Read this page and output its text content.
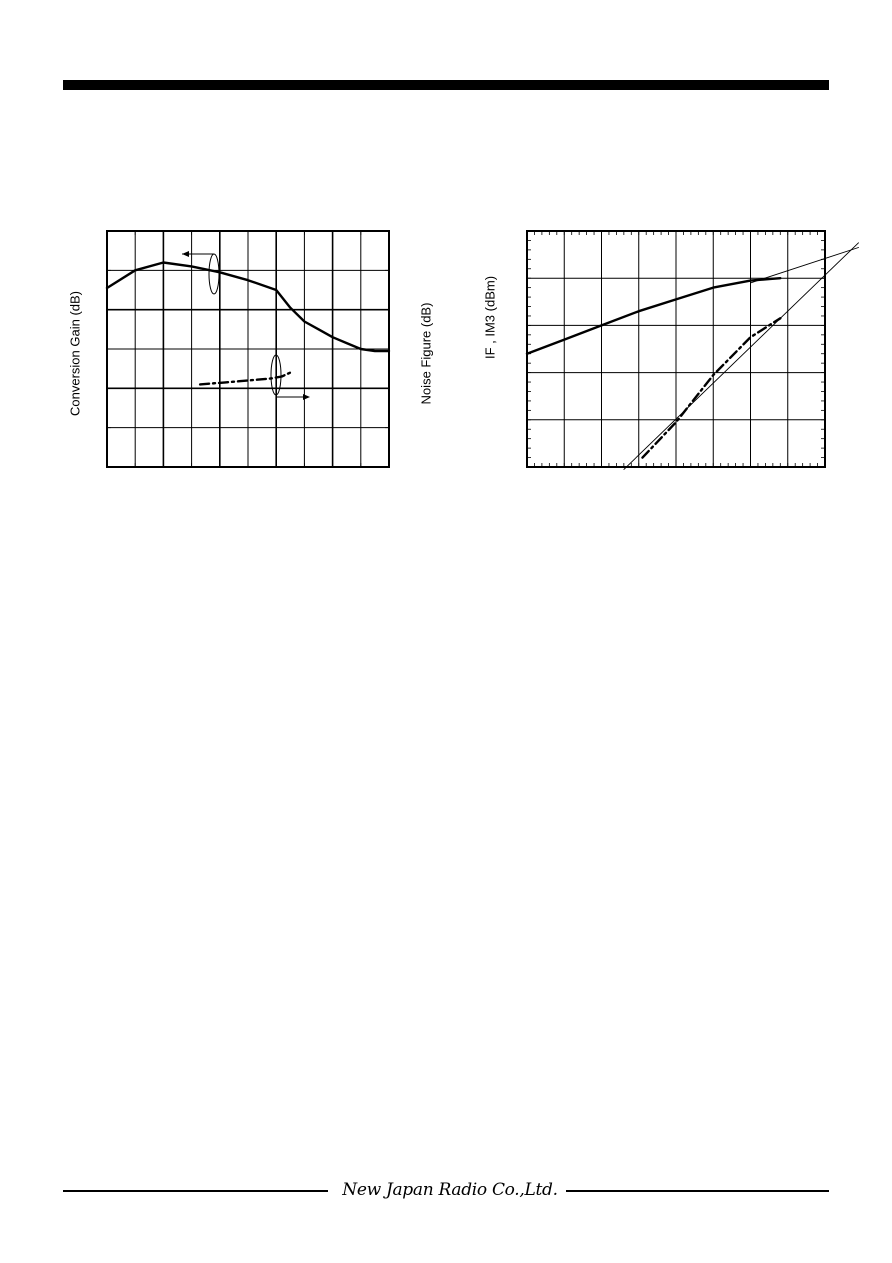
Conversion Gain (dB)	Noise Figure (dB)	IF , IM3 (dBm)
New Japan Radio Co.,Ltd.
